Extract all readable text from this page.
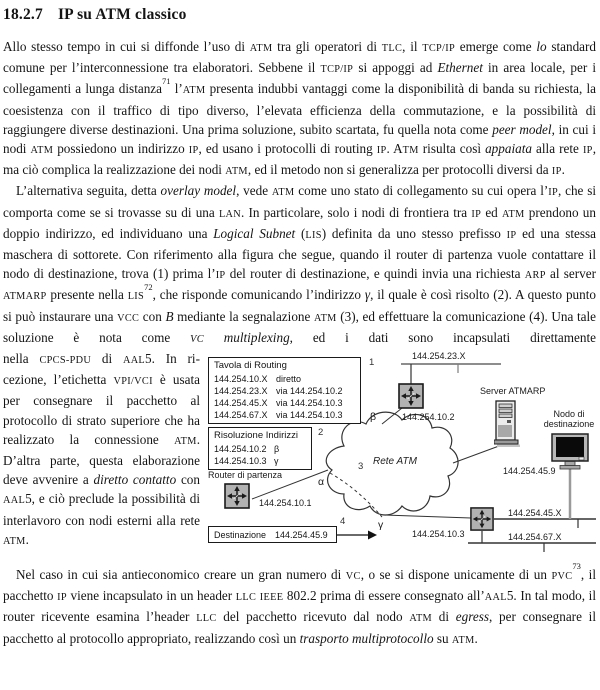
18.2.7 IP su ATM classico

Allo stesso tempo in cui si diffonde l’uso di ATM tra gli operatori di TLC, il TCP/IP emerge come lo standard comune per l’interconnessione tra elaboratori. Sebbene il TCP/IP si appoggi ad Ethernet in area locale, per i collegamenti a lunga distanza$^{71}$ l’ATM presenta indubbi vantaggi come la disponibilità di banda su richiesta, la coesistenza con il traffico di tipo diverso, l’elevata efficienza della commutazione, e la possibilità di raggiungere diverse destinazioni. Una prima soluzione, subito scartata, fu quella nota come peer model, in cui i nodi ATM possiedono un indirizzo IP, ed usano i protocolli di routing IP. ATM risulta così appaiata alla rete IP, ma ciò complica la realizzazione dei nodi ATM, ed il metodo non si generalizza per protocolli diversi da IP.

L’alternativa seguita, detta overlay model, vede ATM come uno stato di collegamento su cui opera l’IP, che si comporta come se si trovasse su di una LAN. In particolare, solo i nodi di frontiera tra IP ed ATM prendono un doppio indirizzo, ed individuano una Logical Subnet (LIS) definita da uno stesso prefisso IP ed una stessa maschera di sottorete. Con riferimento alla figura che segue, quando il router di partenza vuole contattare il nodo di destinazione, trova (1) prima l’IP del router di destinazione, e quindi invia una richiesta ARP al server ATMARP presente nella LIS$^{72}$, che risponde comunicando l’indirizzo γ, il quale è così risolto (2). A questo punto si può instaurare una VCC con B mediante la segnalazione ATM (3), ed effettuare la comunicazione (4). Una tale soluzione è nota come VC multiplexing, ed i dati sono incapsulati direttamente

Tavola di Routing
144.254.10.X diretto
144.254.23.X via 144.254.10.2
144.254.45.X via 144.254.10.3
144.254.67.X via 144.254.10.3
1
Risoluzione Indirizzi
144.254.10.2 β
144.254.10.3 γ
2
Router di partenza
144.254.10.1
Destinazione 144.254.45.9
4
144.254.23.X
144.254.10.2
β
α
3
γ
Rete ATM
Server ATMARP
Nodo di
destinazione
144.254.45.9
144.254.10.3
144.254.45.X
144.254.67.X

nella CPCS-PDU di AAL5. In ricezione, l’etichetta VPI/VCI è usata per consegnare il pacchetto al protocollo di strato superiore che ha realizzato la connessione ATM. D’altra parte, questa elaborazione deve avvenire a diretto contatto con AAL5, e ciò preclude la possibilità di interlavoro con nodi esterni alla rete ATM.

Nel caso in cui sia antieconomico creare un gran numero di VC, o se si dispone unicamente di un PVC$^{73}$, il pacchetto IP viene incapsulato in un header LLC IEEE 802.2 prima di essere consegnato all’AAL5. In tal modo, il router ricevente esamina l’header LLC del pacchetto ricevuto dal nodo ATM di egress, per consegnare il pacchetto al protocollo appropriato, realizzando così un trasporto multiprotocollo su ATM.
